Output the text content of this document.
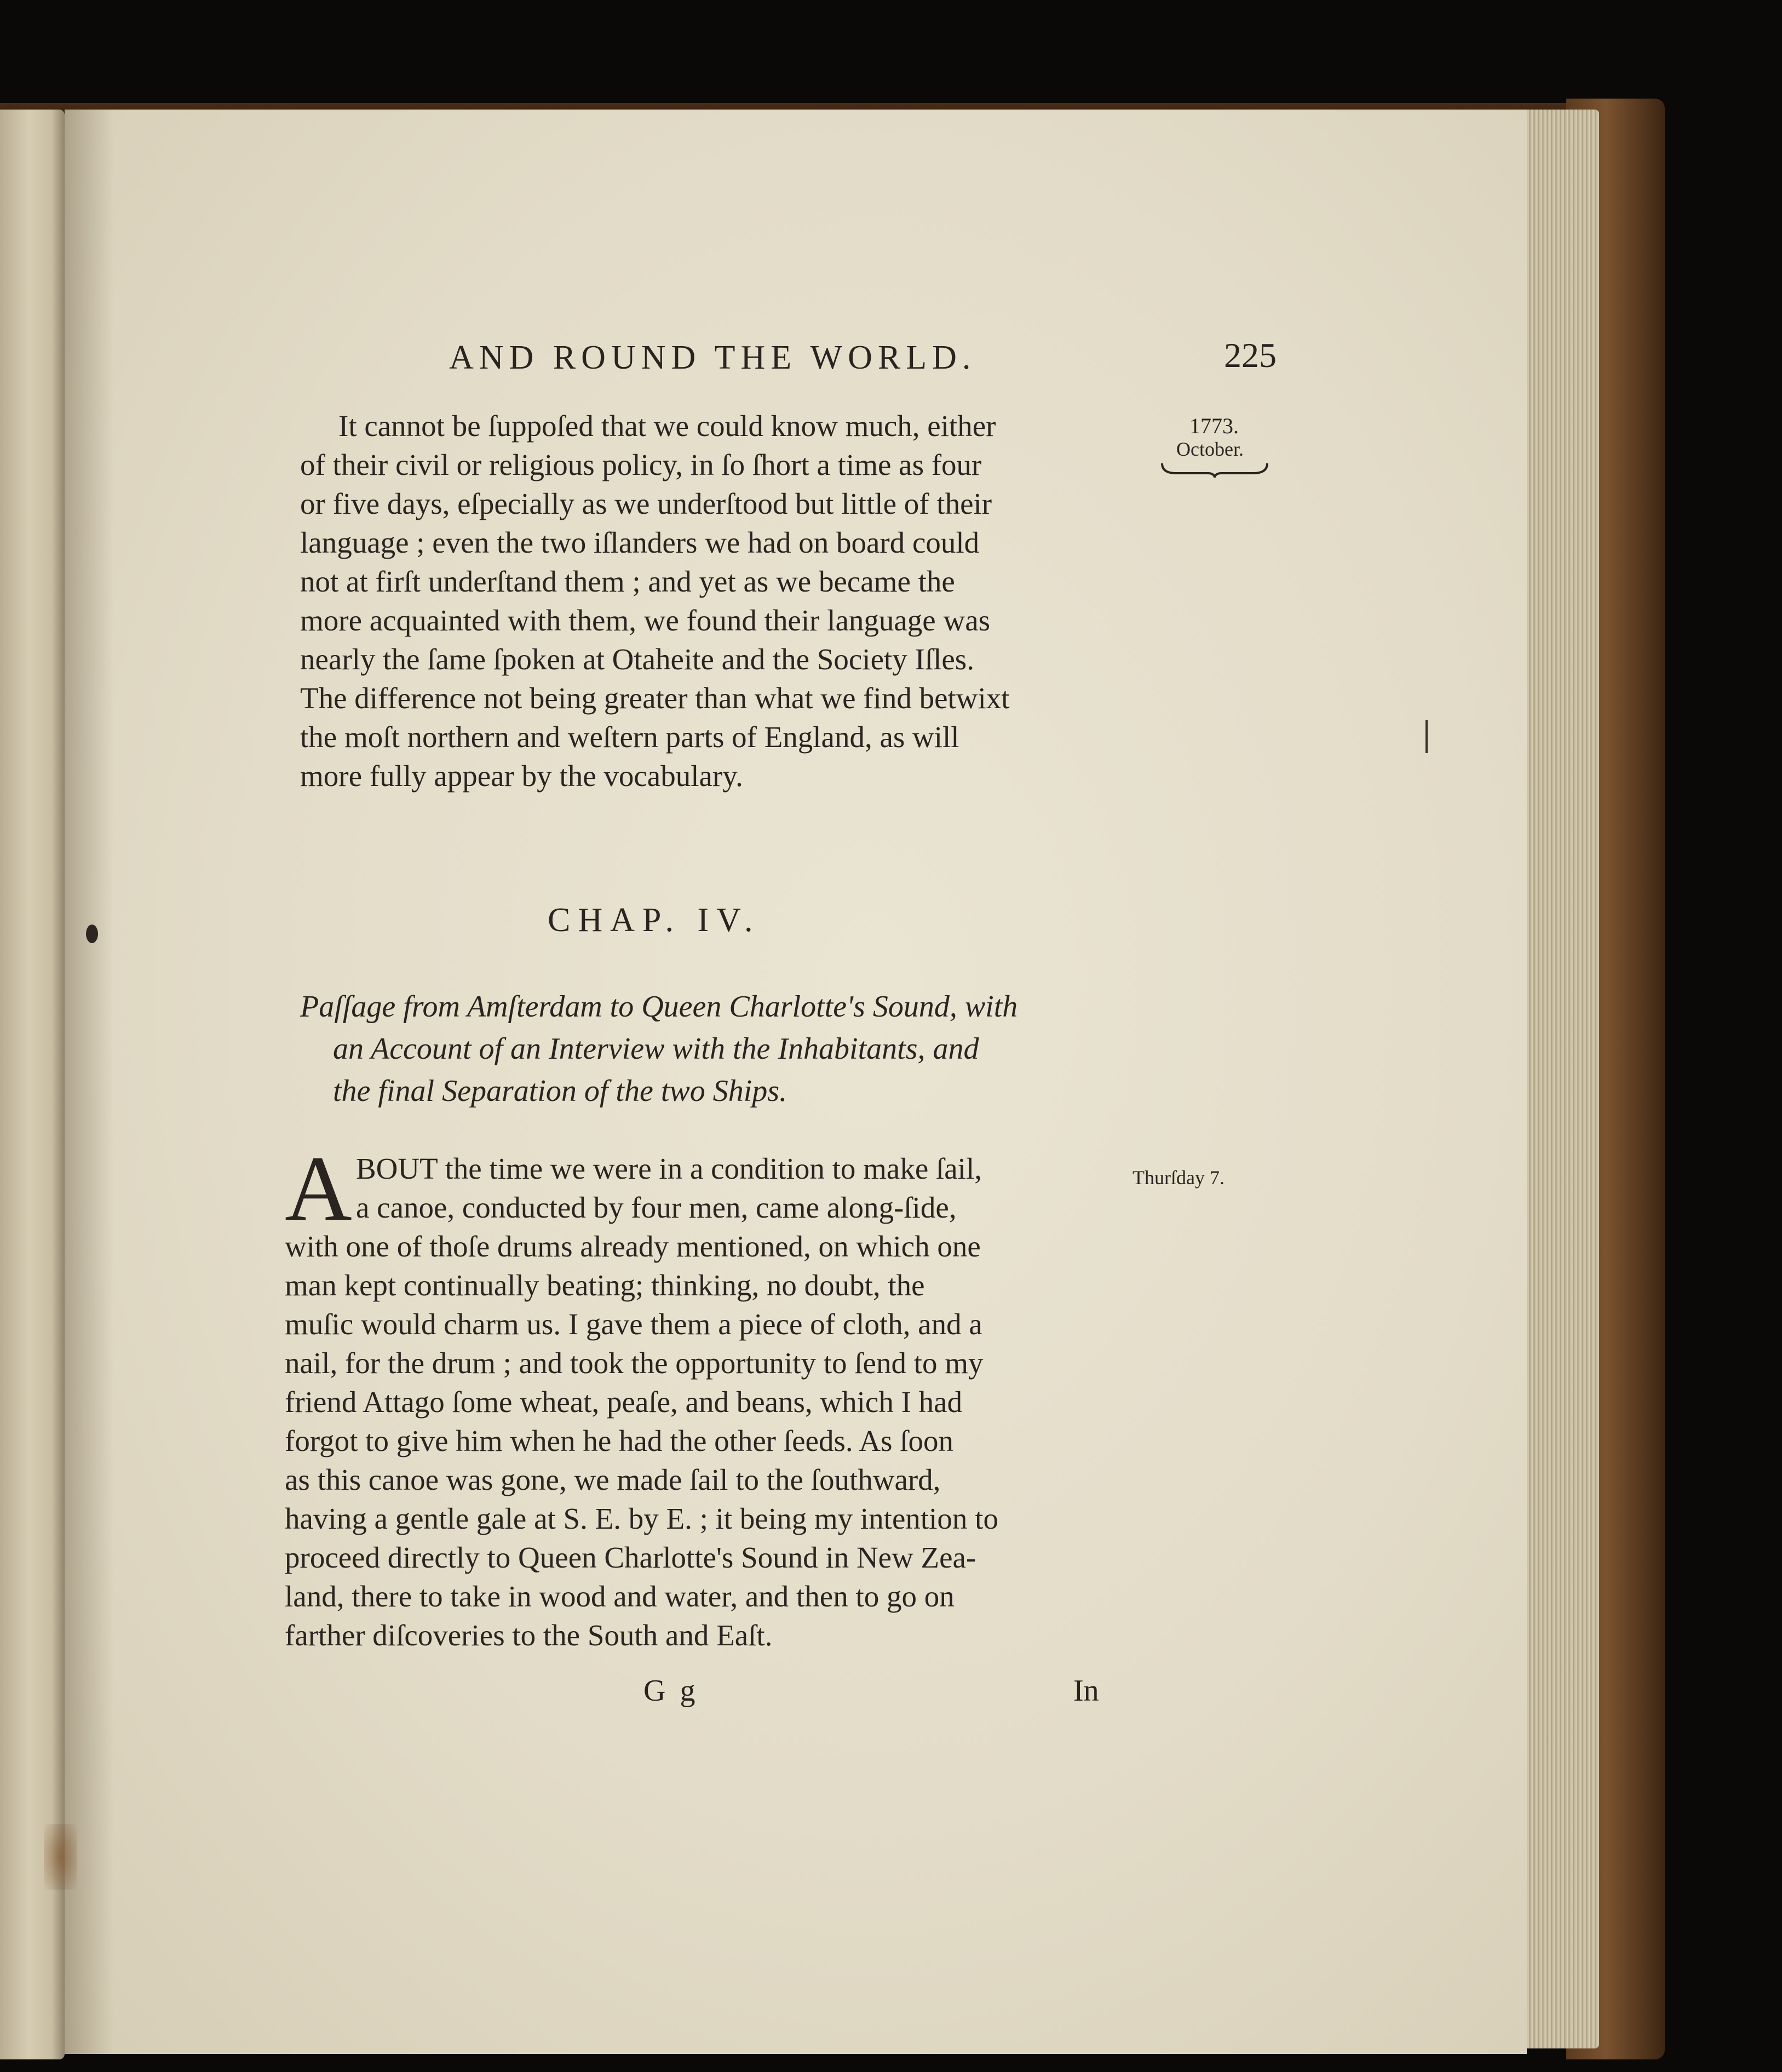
AND ROUND THE WORLD.	225

1773.

October.

It cannot be ſuppoſed that we could know much, either
of their civil or religious policy, in ſo ſhort a time as four
or five days, eſpecially as we underſtood but little of their
language ; even the two iſlanders we had on board could
not at firſt underſtand them ; and yet as we became the
more acquainted with them, we found their language was
nearly the ſame ſpoken at Otaheite and the Society Iſles.
The difference not being greater than what we find betwixt
the moſt northern and weſtern parts of England, as will
more fully appear by the vocabulary.

CHAP. IV.

Paſſage from Amſterdam to Queen Charlotte's Sound, with
an Account of an Interview with the Inhabitants, and
the final Separation of the two Ships.

A	Thurſday 7.

BOUT the time we were in a condition to make ſail,
a canoe, conducted by four men, came along-ſide,
with one of thoſe drums already mentioned, on which one
man kept continually beating; thinking, no doubt, the
muſic would charm us. I gave them a piece of cloth, and a
nail, for the drum ; and took the opportunity to ſend to my
friend Attago ſome wheat, peaſe, and beans, which I had
forgot to give him when he had the other ſeeds. As ſoon
as this canoe was gone, we made ſail to the ſouthward,
having a gentle gale at S. E. by E. ; it being my intention to
proceed directly to Queen Charlotte's Sound in New Zea-
land, there to take in wood and water, and then to go on
farther diſcoveries to the South and Eaſt.

G g	In
